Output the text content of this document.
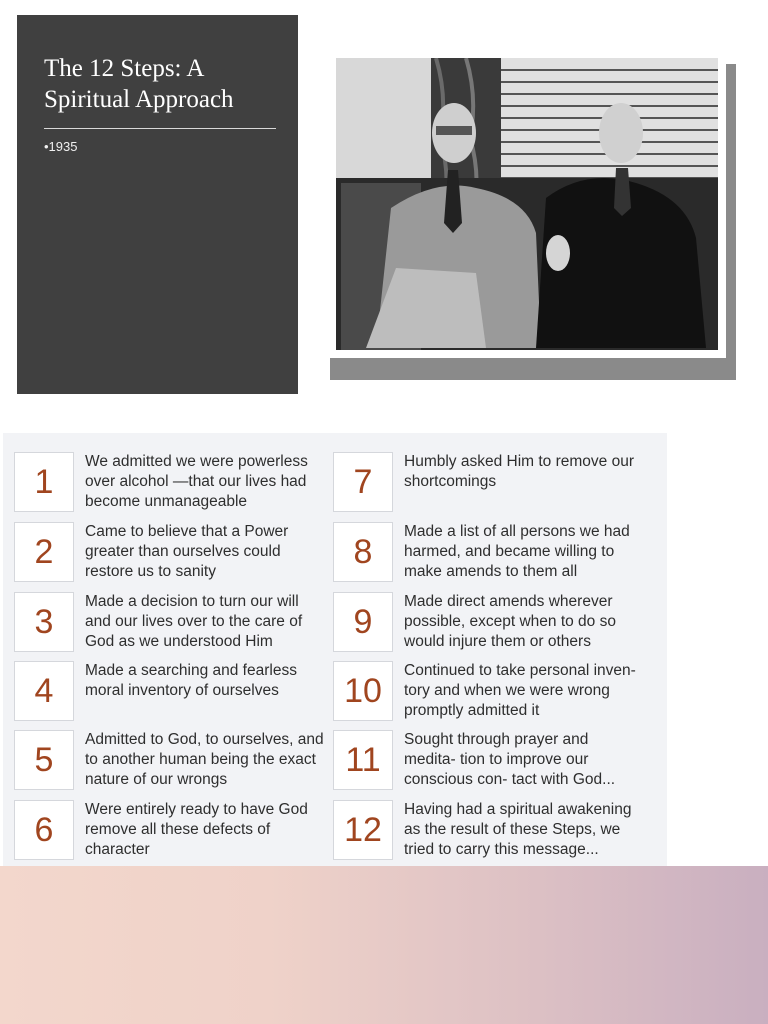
The 12 Steps: A Spiritual Approach
•1935
1
We admitted we were powerless over alcohol —that our lives had become unmanageable
2
Came to believe that a Power greater than ourselves could restore us to sanity
3
Made a decision to turn our will and our lives over to the care of God as we understood Him
4
Made a searching and fearless moral inventory of ourselves
5
Admitted to God, to ourselves, and to another human being the exact nature of our wrongs
6
Were entirely ready to have God remove all these defects of character
7
Humbly asked Him to remove our shortcomings
8
Made a list of all persons we had harmed, and became willing to make amends to them all
9
Made direct amends wherever possible, except when to do so would injure them or others
10
Continued to take personal inven- tory and when we were wrong promptly admitted it
11
Sought through prayer and medita- tion to improve our conscious con- tact with God...
12
Having had a spiritual awakening as the result of these Steps, we tried to carry this message...
